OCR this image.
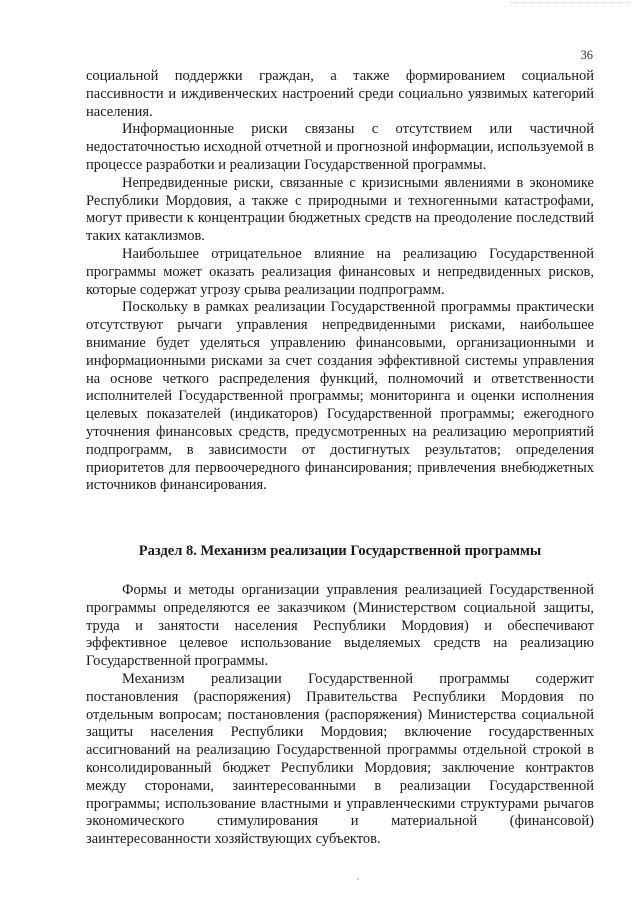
36

социальной поддержки граждан, а также формированием социальной пассивности и иждивенческих настроений среди социально уязвимых категорий населения.

Информационные риски связаны с отсутствием или частичной недостаточностью исходной отчетной и прогнозной информации, используемой в процессе разработки и реализации Государственной программы.

Непредвиденные риски, связанные с кризисными явлениями в экономике Республики Мордовия, а также с природными и техногенными катастрофами, могут привести к концентрации бюджетных средств на преодоление последствий таких катаклизмов.

Наибольшее отрицательное влияние на реализацию Государственной программы может оказать реализация финансовых и непредвиденных рисков, которые содержат угрозу срыва реализации подпрограмм.

Поскольку в рамках реализации Государственной программы практически отсутствуют рычаги управления непредвиденными рисками, наибольшее внимание будет уделяться управлению финансовыми, организационными и информационными рисками за счет создания эффективной системы управления на основе четкого распределения функций, полномочий и ответственности исполнителей Государственной программы; мониторинга и оценки исполнения целевых показателей (индикаторов) Государственной программы; ежегодного уточнения финансовых средств, предусмотренных на реализацию мероприятий подпрограмм, в зависимости от достигнутых результатов; определения приоритетов для первоочередного финансирования; привлечения внебюджетных источников финансирования.

Раздел 8. Механизм реализации Государственной программы

Формы и методы организации управления реализацией Государственной программы определяются ее заказчиком (Министерством социальной защиты, труда и занятости населения Республики Мордовия) и обеспечивают эффективное целевое использование выделяемых средств на реализацию Государственной программы.

Механизм реализации Государственной программы содержит постановления (распоряжения) Правительства Республики Мордовия по отдельным вопросам; постановления (распоряжения) Министерства социальной защиты населения Республики Мордовия; включение государственных ассигнований на реализацию Государственной программы отдельной строкой в консолидированный бюджет Республики Мордовия; заключение контрактов между сторонами, заинтересованными в реализации Государственной программы; использование властными и управленческими структурами рычагов экономического стимулирования и материальной (финансовой) заинтересованности хозяйствующих субъектов.
